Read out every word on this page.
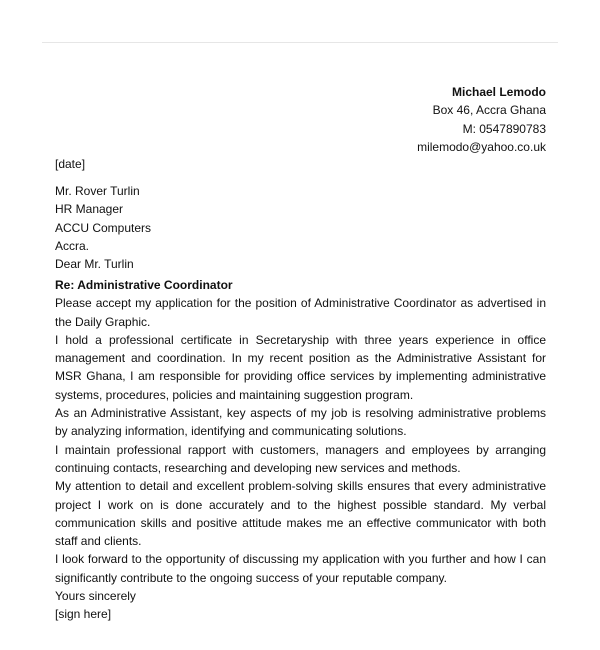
Michael Lemodo
Box 46, Accra Ghana
M: 0547890783
milemodo@yahoo.co.uk
[date]
Mr. Rover Turlin
HR Manager
ACCU Computers
Accra.
Dear Mr. Turlin
Re: Administrative Coordinator
Please accept my application for the position of Administrative Coordinator as advertised in the Daily Graphic.
I hold a professional certificate in Secretaryship with three years experience in office management and coordination. In my recent position as the Administrative Assistant for MSR Ghana, I am responsible for providing office services by implementing administrative systems, procedures, policies and maintaining suggestion program.
As an Administrative Assistant, key aspects of my job is resolving administrative problems by analyzing information, identifying and communicating solutions.
I maintain professional rapport with customers, managers and employees by arranging continuing contacts, researching and developing new services and methods.
My attention to detail and excellent problem-solving skills ensures that every administrative project I work on is done accurately and to the highest possible standard. My verbal communication skills and positive attitude makes me an effective communicator with both staff and clients.
I look forward to the opportunity of discussing my application with you further and how I can significantly contribute to the ongoing success of your reputable company.
Yours sincerely
[sign here]
